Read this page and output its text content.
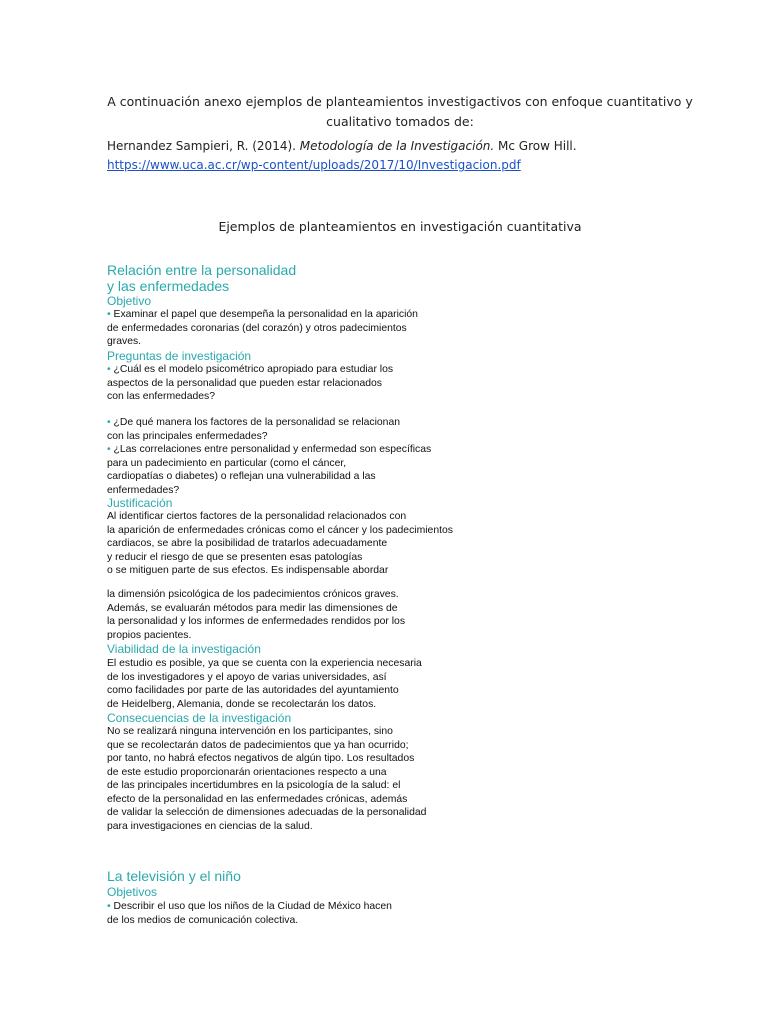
A continuación anexo ejemplos de planteamientos investigactivos con enfoque cuantitativo y
cualitativo tomados de:
Hernandez Sampieri, R. (2014). Metodología de la Investigación. Mc Grow Hill.
https://www.uca.ac.cr/wp-content/uploads/2017/10/Investigacion.pdf
Ejemplos de planteamientos en investigación cuantitativa
Relación entre la personalidad
y las enfermedades
Objetivo
• Examinar el papel que desempeña la personalidad en la aparición
de enfermedades coronarias (del corazón) y otros padecimientos
graves.
Preguntas de investigación
• ¿Cuál es el modelo psicométrico apropiado para estudiar los
aspectos de la personalidad que pueden estar relacionados
con las enfermedades?
• ¿De qué manera los factores de la personalidad se relacionan
con las principales enfermedades?
• ¿Las correlaciones entre personalidad y enfermedad son específicas
para un padecimiento en particular (como el cáncer,
cardiopatías o diabetes) o reflejan una vulnerabilidad a las
enfermedades?
Justificación
Al identificar ciertos factores de la personalidad relacionados con
la aparición de enfermedades crónicas como el cáncer y los padecimientos
cardiacos, se abre la posibilidad de tratarlos adecuadamente
y reducir el riesgo de que se presenten esas patologías
o se mitiguen parte de sus efectos. Es indispensable abordar
la dimensión psicológica de los padecimientos crónicos graves.
Además, se evaluarán métodos para medir las dimensiones de
la personalidad y los informes de enfermedades rendidos por los
propios pacientes.
Viabilidad de la investigación
El estudio es posible, ya que se cuenta con la experiencia necesaria
de los investigadores y el apoyo de varias universidades, así
como facilidades por parte de las autoridades del ayuntamiento
de Heidelberg, Alemania, donde se recolectarán los datos.
Consecuencias de la investigación
No se realizará ninguna intervención en los participantes, sino
que se recolectarán datos de padecimientos que ya han ocurrido;
por tanto, no habrá efectos negativos de algún tipo. Los resultados
de este estudio proporcionarán orientaciones respecto a una
de las principales incertidumbres en la psicología de la salud: el
efecto de la personalidad en las enfermedades crónicas, además
de validar la selección de dimensiones adecuadas de la personalidad
para investigaciones en ciencias de la salud.
La televisión y el niño
Objetivos
• Describir el uso que los niños de la Ciudad de México hacen
de los medios de comunicación colectiva.
